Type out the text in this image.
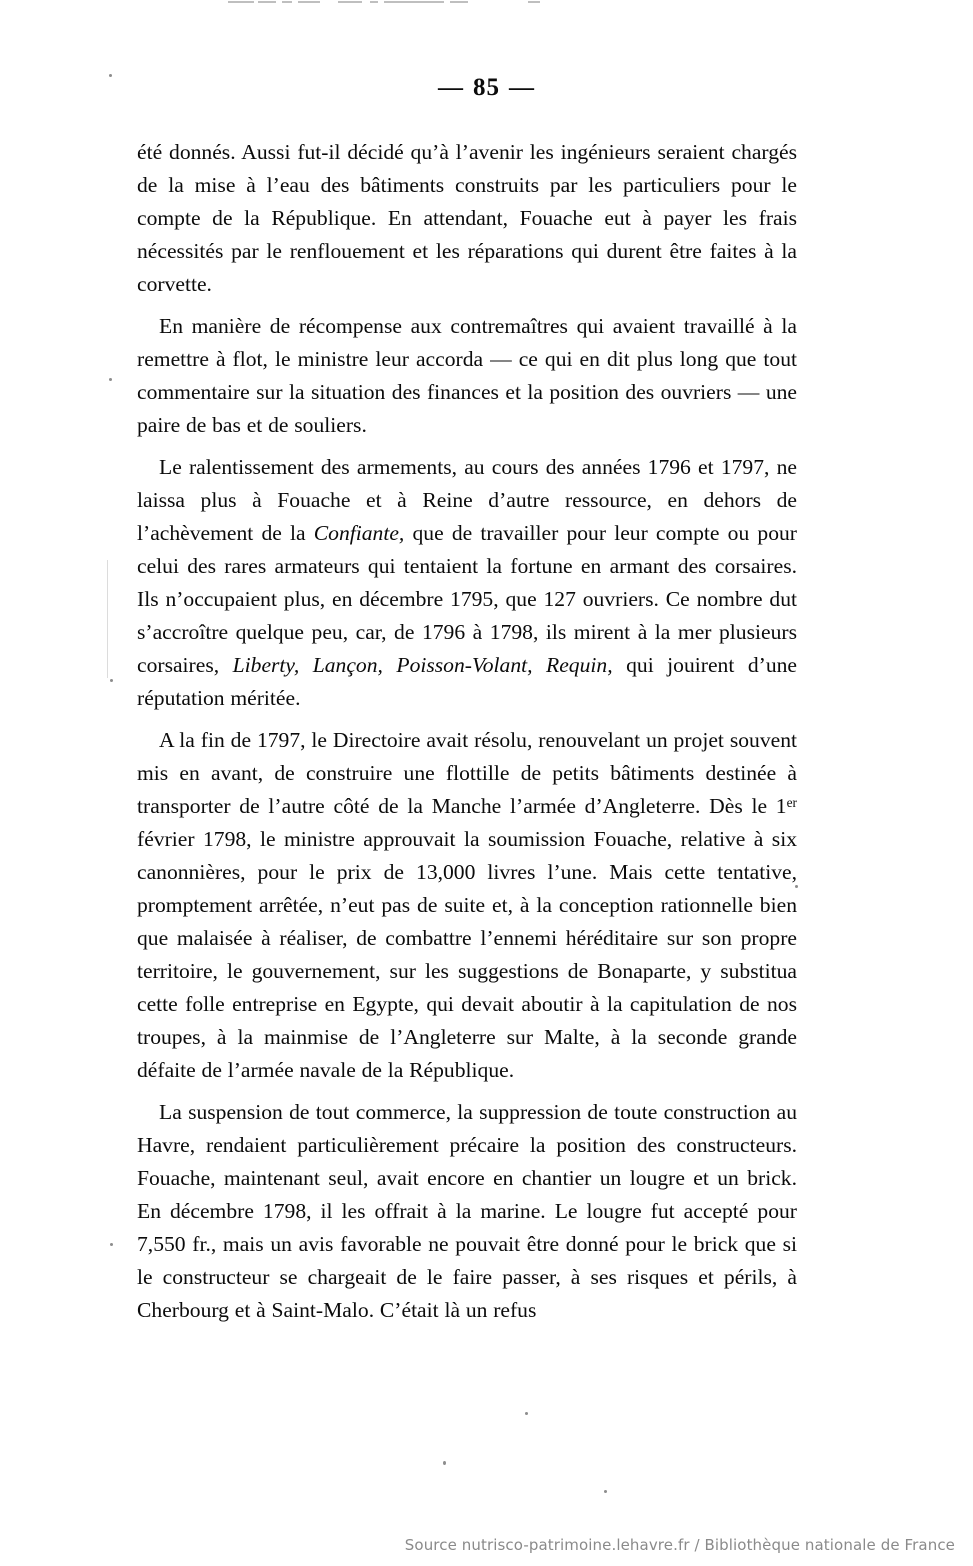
— 85 —

été donnés. Aussi fut-il décidé qu’à l’avenir les ingénieurs seraient chargés de la mise à l’eau des bâtiments construits par les particuliers pour le compte de la République. En attendant, Fouache eut à payer les frais nécessités par le renflouement et les réparations qui durent être faites à la corvette.

En manière de récompense aux contremaîtres qui avaient travaillé à la remettre à flot, le ministre leur accorda — ce qui en dit plus long que tout commentaire sur la situation des finances et la position des ouvriers — une paire de bas et de souliers.

Le ralentissement des armements, au cours des années 1796 et 1797, ne laissa plus à Fouache et à Reine d’autre ressource, en dehors de l’achèvement de la Confiante, que de travailler pour leur compte ou pour celui des rares armateurs qui tentaient la fortune en armant des corsaires. Ils n’occupaient plus, en décembre 1795, que 127 ouvriers. Ce nombre dut s’accroître quelque peu, car, de 1796 à 1798, ils mirent à la mer plusieurs corsaires, Liberty, Lançon, Poisson-Volant, Requin, qui jouirent d’une réputation méritée.

A la fin de 1797, le Directoire avait résolu, renouvelant un projet souvent mis en avant, de construire une flottille de petits bâtiments destinée à transporter de l’autre côté de la Manche l’armée d’Angleterre. Dès le 1er février 1798, le ministre approuvait la soumission Fouache, relative à six canonnières, pour le prix de 13,000 livres l’une. Mais cette tentative, promptement arrêtée, n’eut pas de suite et, à la conception rationnelle bien que malaisée à réaliser, de combattre l’ennemi héréditaire sur son propre territoire, le gouvernement, sur les suggestions de Bonaparte, y substitua cette folle entreprise en Egypte, qui devait aboutir à la capitulation de nos troupes, à la mainmise de l’Angleterre sur Malte, à la seconde grande défaite de l’armée navale de la République.

La suspension de tout commerce, la suppression de toute construction au Havre, rendaient particulièrement précaire la position des constructeurs. Fouache, maintenant seul, avait encore en chantier un lougre et un brick. En décembre 1798, il les offrait à la marine. Le lougre fut accepté pour 7,550 fr., mais un avis favorable ne pouvait être donné pour le brick que si le constructeur se chargeait de le faire passer, à ses risques et périls, à Cherbourg et à Saint-Malo. C’était là un refus

Source nutrisco-patrimoine.lehavre.fr / Bibliothèque nationale de France
